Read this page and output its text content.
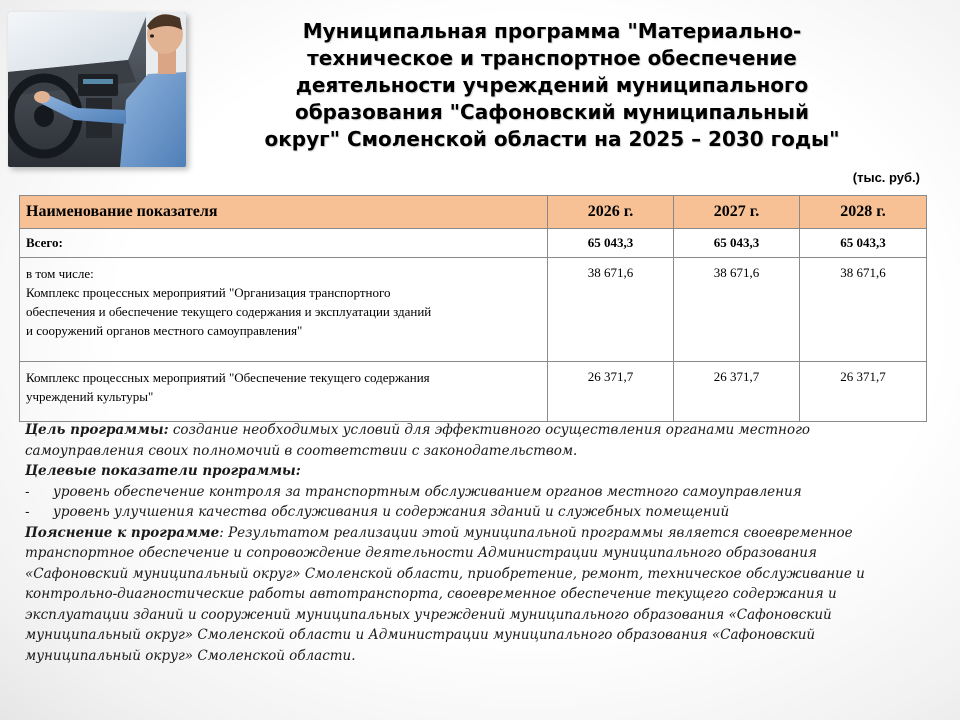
Муниципальная программа "Материально-
техническое и транспортное обеспечение
деятельности учреждений муниципального
образования "Сафоновский муниципальный
округ" Смоленской области на 2025 – 2030 годы"
(тыс. руб.)
Наименование показателя	2026 г.	2027 г.	2028 г.
Всего:	65 043,3	65 043,3	65 043,3

в том числе:
Комплекс процессных мероприятий "Организация транспортного
обеспечения и обеспечение текущего содержания и эксплуатации зданий
и сооружений органов местного самоуправления"	38 671,6	38 671,6	38 671,6

Комплекс процессных мероприятий "Обеспечение текущего содержания
учреждений культуры"	26 371,7	26 371,7	26 371,7

Цель программы: создание необходимых условий для эффективного осуществления органами местного

самоуправления своих полномочий в соответствии с законодательством.

Целевые показатели программы:

-	уровень обеспечение контроля за транспортным обслуживанием органов местного самоуправления
-	уровень улучшения качества обслуживания и содержания зданий и служебных помещений

Пояснение к программе: Результатом реализации этой муниципальной программы является своевременное

транспортное обеспечение и сопровождение деятельности Администрации муниципального образования

«Сафоновский муниципальный округ» Смоленской области, приобретение, ремонт, техническое обслуживание и

контрольно-диагностические работы автотранспорта, своевременное обеспечение текущего содержания и

эксплуатации зданий и сооружений муниципальных учреждений муниципального образования «Сафоновский

муниципальный округ» Смоленской области и Администрации муниципального образования «Сафоновский

муниципальный округ» Смоленской области.
